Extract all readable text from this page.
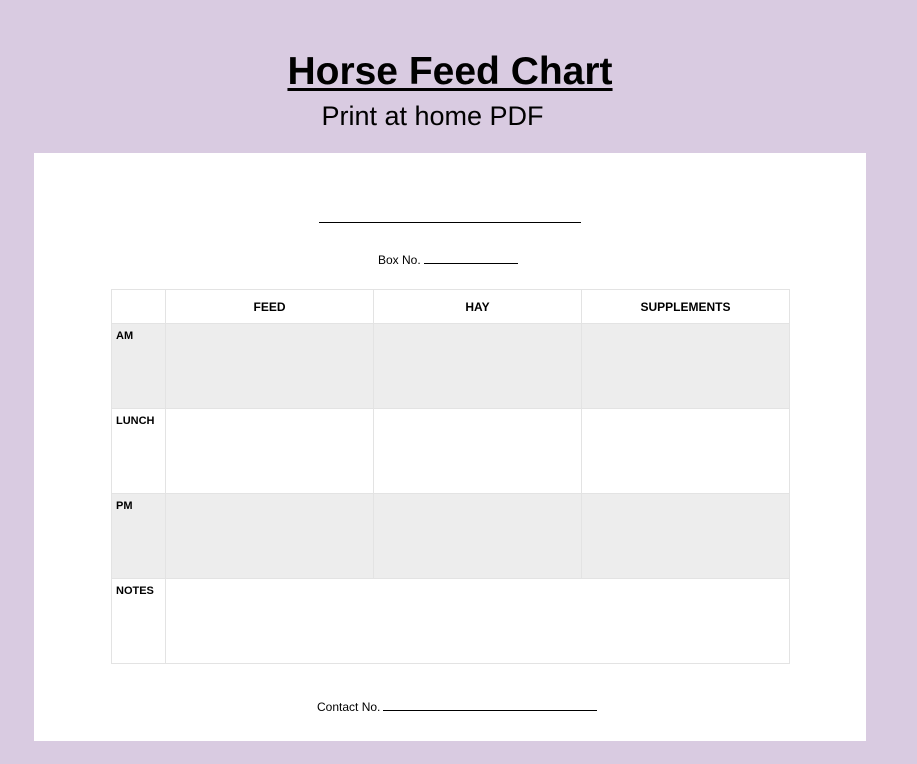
Horse Feed Chart
Print at home PDF
Box No.
	FEED	HAY	SUPPLEMENTS

AM			

LUNCH			

PM			

NOTES			

Contact No.
